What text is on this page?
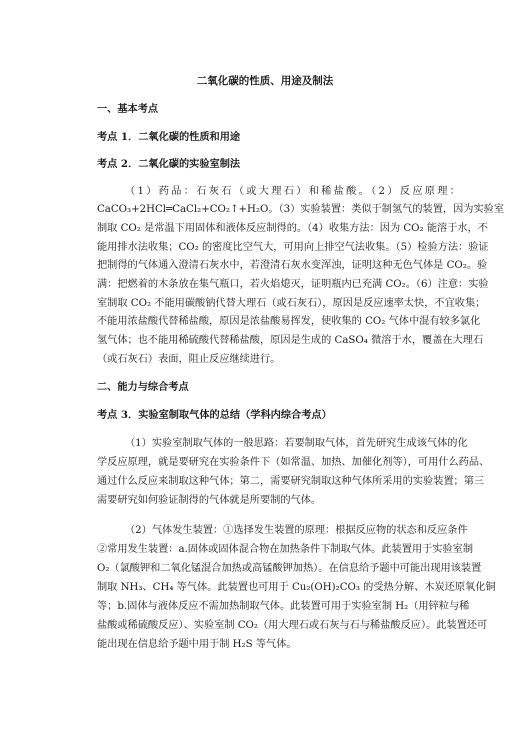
二氧化碳的性质、用途及制法
一、基本考点
考点 1．二氧化碳的性质和用途
考点 2．二氧化碳的实验室制法
（1）药品：石灰石（或大理石）和稀盐酸。（2）反应原理：
CaCO₃+2HCl═CaCl₂+CO₂↑+H₂O。（3）实验装置：类似于制氢气的装置，因为实验室
制取 CO₂ 是常温下用固体和液体反应制得的。（4）收集方法：因为 CO₂ 能溶于水，不
能用排水法收集；CO₂ 的密度比空气大，可用向上排空气法收集。（5）检验方法：验证
把制得的气体通入澄清石灰水中，若澄清石灰水变浑浊，证明这种无色气体是 CO₂。验
满：把燃着的木条放在集气瓶口，若火焰熄灭，证明瓶内已充满 CO₂。（6）注意：实验
室制取 CO₂ 不能用碳酸钠代替大理石（或石灰石），原因是反应速率太快，不宜收集；
不能用浓盐酸代替稀盐酸，原因是浓盐酸易挥发，使收集的 CO₂ 气体中混有较多氯化
氢气体；也不能用稀硫酸代替稀盐酸，原因是生成的 CaSO₄ 微溶于水，覆盖在大理石
（或石灰石）表面，阻止反应继续进行。
二、能力与综合考点
考点 3．实验室制取气体的总结（学科内综合考点）
（1）实验室制取气体的一般思路：若要制取气体，首先研究生成该气体的化
学反应原理，就是要研究在实验条件下（如常温、加热、加催化剂等），可用什么药品、
通过什么反应来制取这种气体；第二，需要研究制取这种气体所采用的实验装置；第三
需要研究如何验证制得的气体就是所要制的气体。
（2）气体发生装置：①选择发生装置的原理：根据反应物的状态和反应条件
②常用发生装置：a.固体或固体混合物在加热条件下制取气体。此装置用于实验室制
O₂（氯酸钾和二氧化锰混合加热或高锰酸钾加热）。在信息给予题中可能出现用该装置
制取 NH₃、CH₄ 等气体。此装置也可用于 Cu₂(OH)₂CO₃ 的受热分解、木炭还原氧化铜
等；b.固体与液体反应不需加热制取气体。此装置可用于实验室制 H₂（用锌粒与稀
盐酸或稀硫酸反应）、实验室制 CO₂（用大理石或石灰与石与稀盐酸反应）。此装置还可
能出现在信息给予题中用于制 H₂S 等气体。
